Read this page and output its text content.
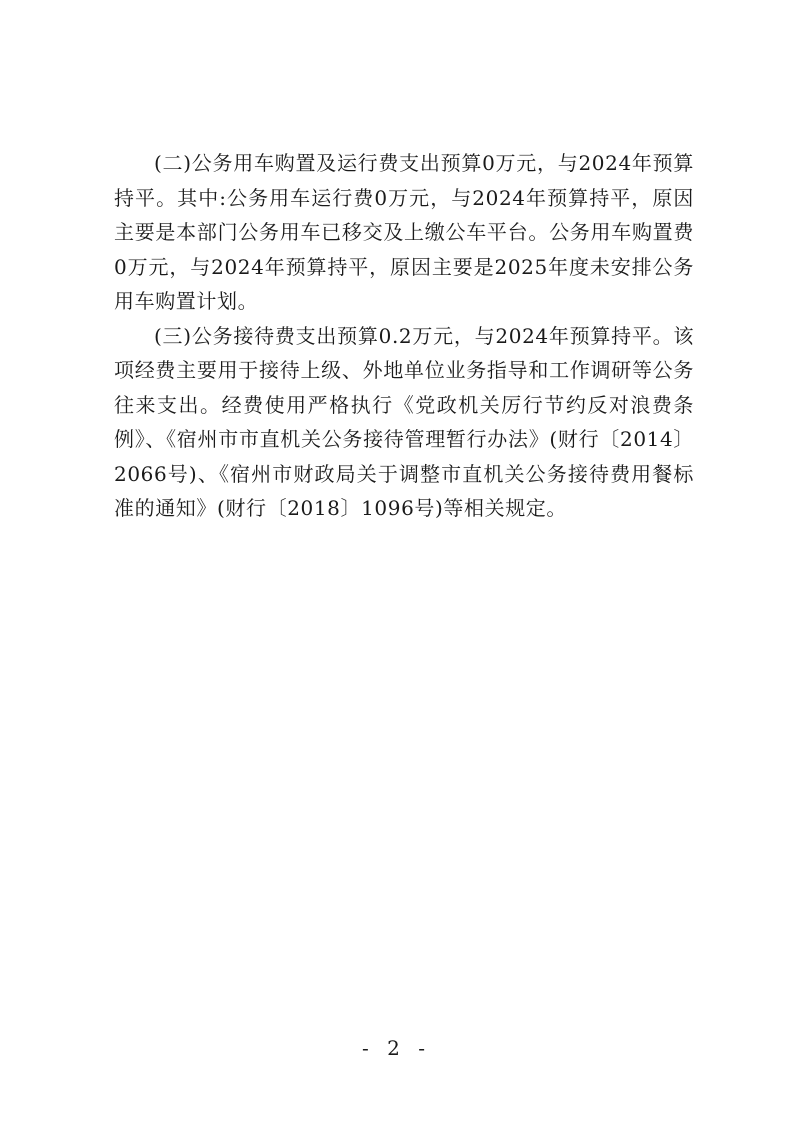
(二)公务用车购置及运行费支出预算0万元，与2024年预算持平。其中:公务用车运行费0万元，与2024年预算持平，原因主要是本部门公务用车已移交及上缴公车平台。公务用车购置费0万元，与2024年预算持平，原因主要是2025年度未安排公务用车购置计划。

(三)公务接待费支出预算0.2万元，与2024年预算持平。该项经费主要用于接待上级、外地单位业务指导和工作调研等公务往来支出。经费使用严格执行《党政机关厉行节约反对浪费条例》、《宿州市市直机关公务接待管理暂行办法》(财行〔2014〕2066号)、《宿州市财政局关于调整市直机关公务接待费用餐标准的通知》(财行〔2018〕1096号)等相关规定。

- 2 -
